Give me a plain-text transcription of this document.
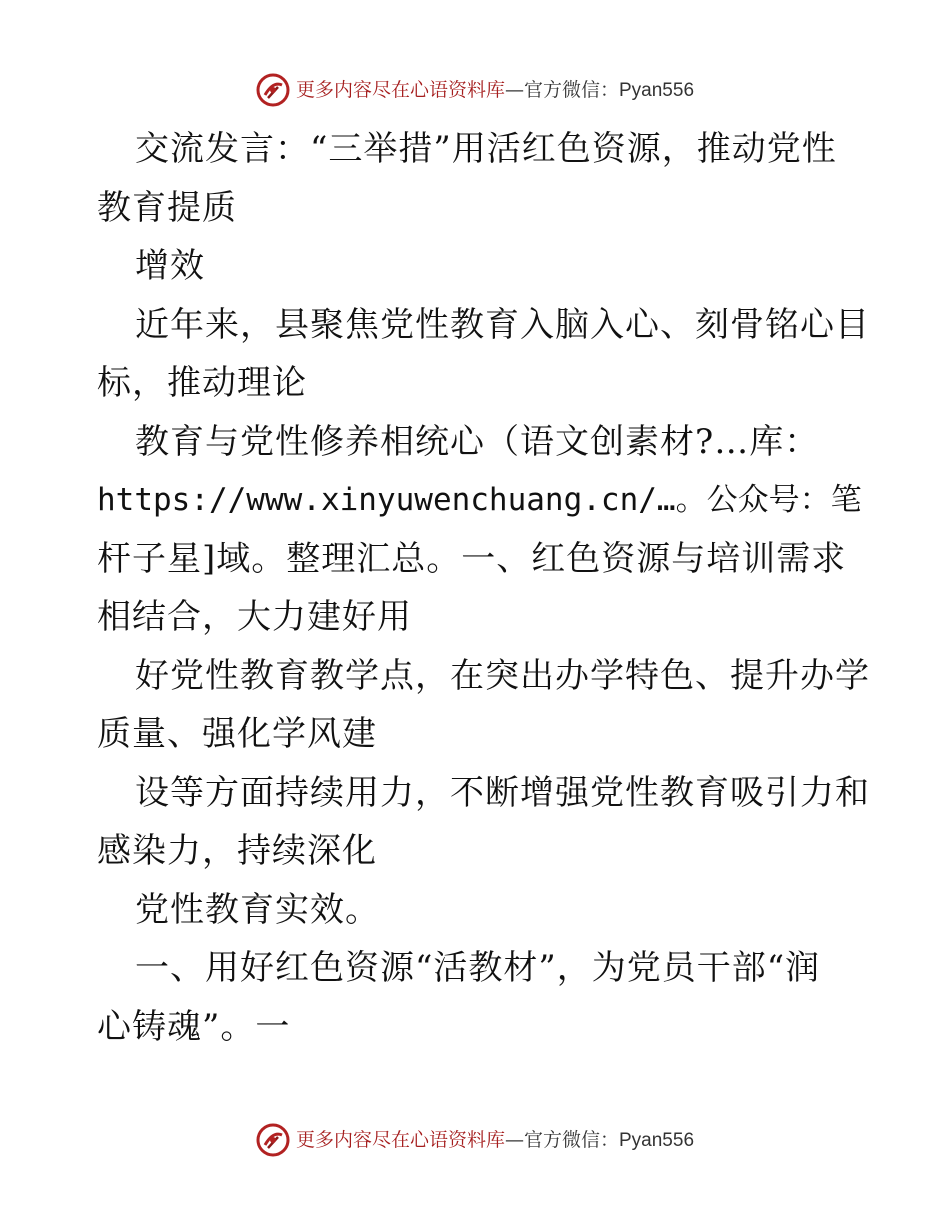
更多内容尽在心语资料库—官方微信：Pyan556
交流发言：“三举措”用活红色资源，推动党性
教育提质
增效
近年来，县聚焦党性教育入脑入心、刻骨铭心目
标，推动理论
教育与党性修养相统心（语文创素材?…库：
https://www.xinyuwenchuang.cn/…。公众号：笔
杆子星]域。整理汇总。一、红色资源与培训需求
相结合，大力建好用
好党性教育教学点，在突出办学特色、提升办学
质量、强化学风建
设等方面持续用力，不断增强党性教育吸引力和
感染力，持续深化
党性教育实效。
一、用好红色资源“活教材”，为党员干部“润
心铸魂”。一
更多内容尽在心语资料库—官方微信：Pyan556
